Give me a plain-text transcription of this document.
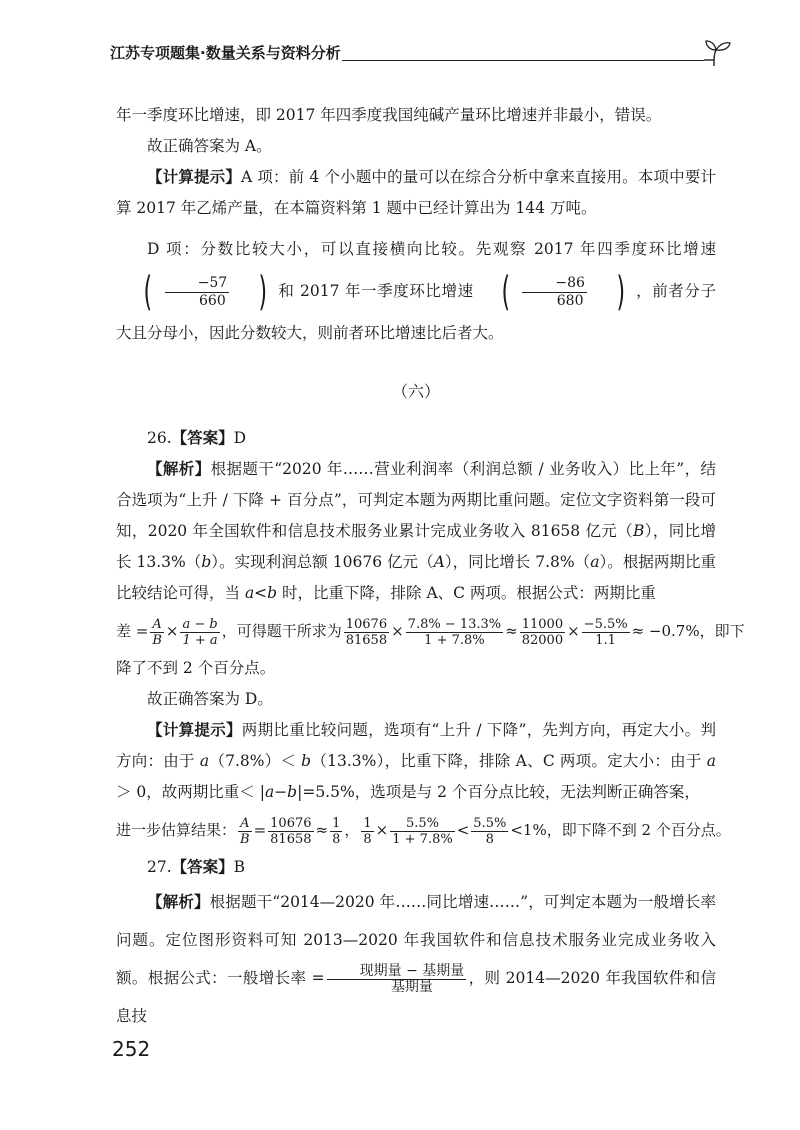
江苏专项题集·数量关系与资料分析

年一季度环比增速，即 2017 年四季度我国纯碱产量环比增速并非最小，错误。

故正确答案为 A。

【计算提示】A 项：前 4 个小题中的量可以在综合分析中拿来直接用。本项中要计算 2017 年乙烯产量，在本篇资料第 1 题中已经计算出为 144 万吨。

D 项：分数比较大小，可以直接横向比较。先观察 2017 年四季度环比增速
( $\frac{-57}{660}$ ) 和 2017 年一季度环比增速 ( $\frac{-86}{680}$ ) ，前者分子大且分母小，因此分数较大，则前者环比增速比后者大。

（六）

26.【答案】D

【解析】根据题干“2020 年……营业利润率（利润总额 / 业务收入）比上年”，结合选项为“上升 / 下降 + 百分点”，可判定本题为两期比重问题。定位文字资料第一段可知，2020 年全国软件和信息技术服务业累计完成业务收入 81658 亿元（B），同比增长 13.3%（b）。实现利润总额 10676 亿元（A），同比增长 7.8%（a）。根据两期比重比较结论可得，当 a<b 时，比重下降，排除 A、C 两项。根据公式：两期比重

差 = $\frac{A}{B} \times \frac{a - b}{1 + a}$ ，可得题干所求为 $\frac{10676}{81658} \times \frac{7.8\% - 13.3\%}{1 + 7.8\%} \approx \frac{11000}{82000} \times \frac{-5.5\%}{1.1} \approx -0.7\%$，即下

降了不到 2 个百分点。

故正确答案为 D。

【计算提示】两期比重比较问题，选项有“上升 / 下降”，先判方向，再定大小。判方向：由于 a（7.8%）＜ b（13.3%），比重下降，排除 A、C 两项。定大小：由于 a ＞ 0，故两期比重＜ |a−b|=5.5%，选项是与 2 个百分点比较，无法判断正确答案，

进一步估算结果： $\frac{A}{B} = \frac{10676}{81658} \approx \frac{1}{8}$ ， $\frac{1}{8} \times \frac{5.5\%}{1 + 7.8\%} < \frac{5.5\%}{8} <1\%$，即下降不到 2 个百分点。

27.【答案】B

【解析】根据题干“2014—2020 年……同比增速……”，可判定本题为一般增长率问题。定位图形资料可知 2013—2020 年我国软件和信息技术服务业完成业务收入额。根据公式：一般增长率 =	现期量 − 基期量
基期量	，则 2014—2020 年我国软件和信息技

252
